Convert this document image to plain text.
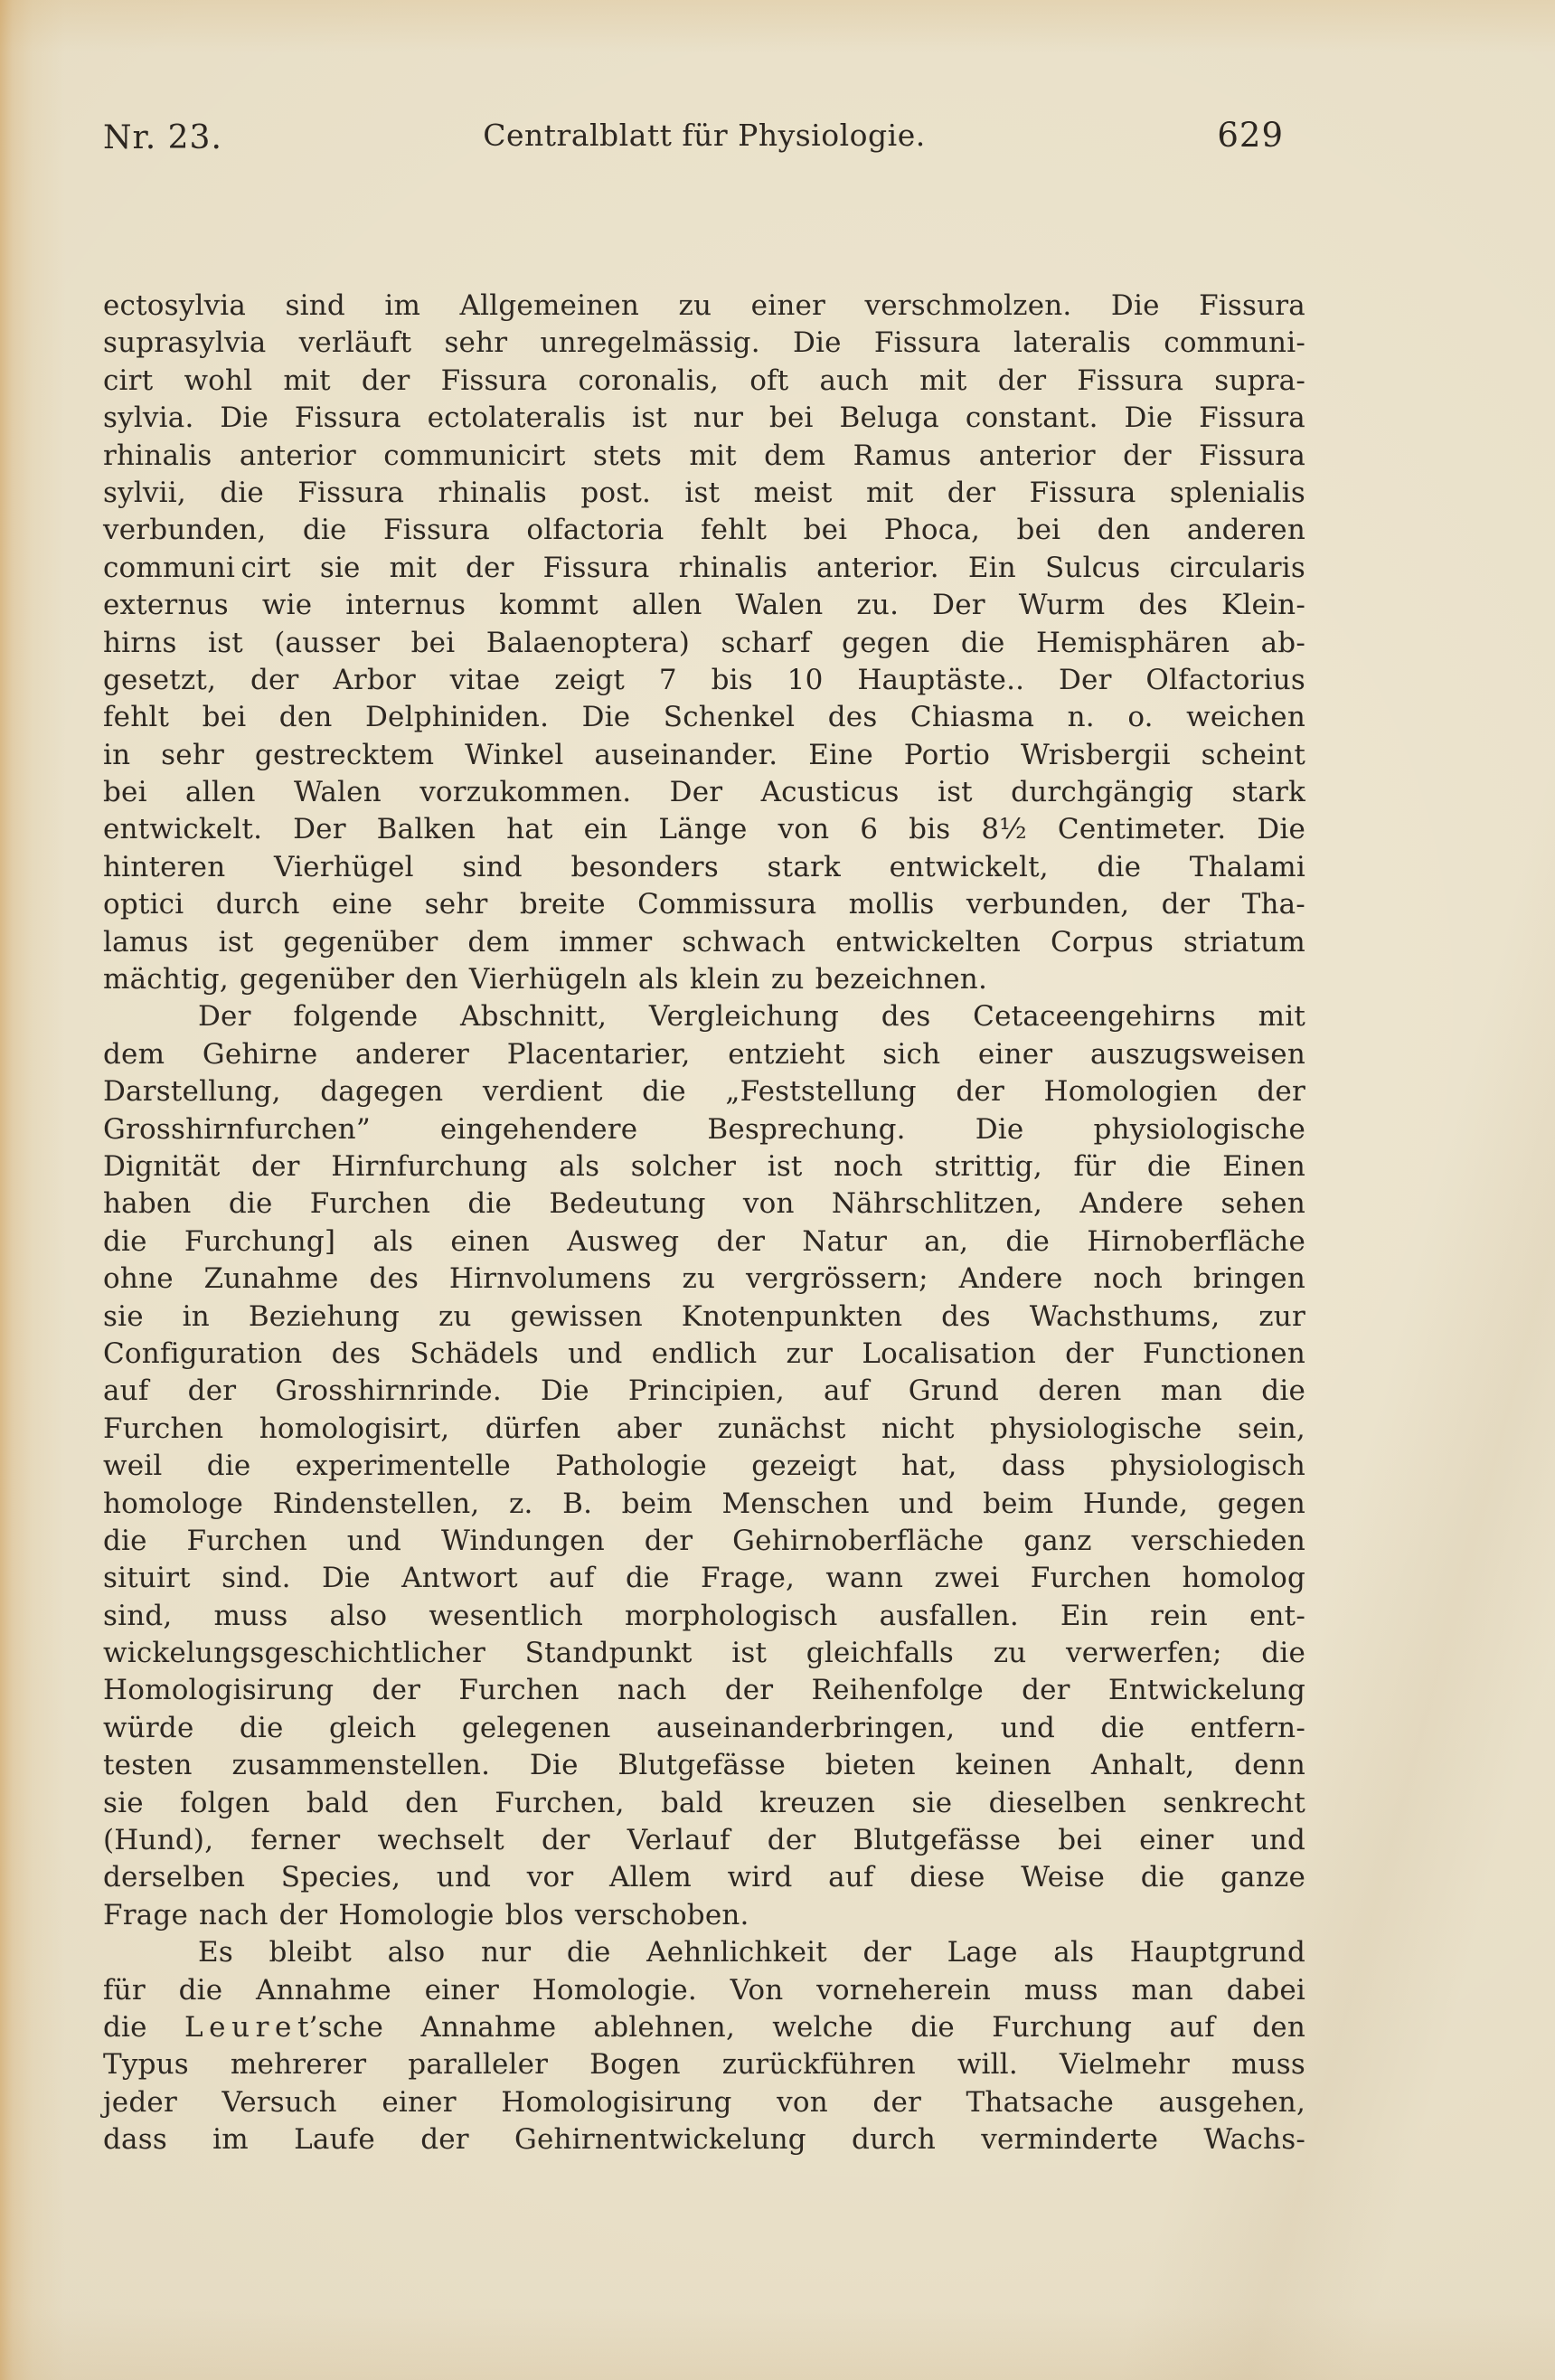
Nr. 23.	Centralblatt für Physiologie.	629
ectosylvia sind im Allgemeinen zu einer verschmolzen. Die Fissura
suprasylvia verläuft sehr unregelmässig. Die Fissura lateralis communi-
cirt wohl mit der Fissura coronalis, oft auch mit der Fissura supra-
sylvia. Die Fissura ectolateralis ist nur bei Beluga constant. Die Fissura
rhinalis anterior communicirt stets mit dem Ramus anterior der Fissura
sylvii, die Fissura rhinalis post. ist meist mit der Fissura splenialis
verbunden, die Fissura olfactoria fehlt bei Phoca, bei den anderen
communi cirt sie mit der Fissura rhinalis anterior. Ein Sulcus circularis
externus wie internus kommt allen Walen zu. Der Wurm des Klein-
hirns ist (ausser bei Balaenoptera) scharf gegen die Hemisphären ab-
gesetzt, der Arbor vitae zeigt 7 bis 10 Hauptäste.. Der Olfactorius
fehlt bei den Delphiniden. Die Schenkel des Chiasma n. o. weichen
in sehr gestrecktem Winkel auseinander. Eine Portio Wrisbergii scheint
bei allen Walen vorzukommen. Der Acusticus ist durchgängig stark
entwickelt. Der Balken hat ein Länge von 6 bis 8¹⁄₂ Centimeter. Die
hinteren Vierhügel sind besonders stark entwickelt, die Thalami
optici durch eine sehr breite Commissura mollis verbunden, der Tha-
lamus ist gegenüber dem immer schwach entwickelten Corpus striatum
mächtig, gegenüber den Vierhügeln als klein zu bezeichnen.
Der folgende Abschnitt, Vergleichung des Cetaceengehirns mit
dem Gehirne anderer Placentarier, entzieht sich einer auszugsweisen
Darstellung, dagegen verdient die „Feststellung der Homologien der
Grosshirnfurchen” eingehendere Besprechung. Die physiologische
Dignität der Hirnfurchung als solcher ist noch strittig, für die Einen
haben die Furchen die Bedeutung von Nährschlitzen, Andere sehen
die Furchung] als einen Ausweg der Natur an, die Hirnoberfläche
ohne Zunahme des Hirnvolumens zu vergrössern; Andere noch bringen
sie in Beziehung zu gewissen Knotenpunkten des Wachsthums, zur
Configuration des Schädels und endlich zur Localisation der Functionen
auf der Grosshirnrinde. Die Principien, auf Grund deren man die
Furchen homologisirt, dürfen aber zunächst nicht physiologische sein,
weil die experimentelle Pathologie gezeigt hat, dass physiologisch
homologe Rindenstellen, z. B. beim Menschen und beim Hunde, gegen
die Furchen und Windungen der Gehirnoberfläche ganz verschieden
situirt sind. Die Antwort auf die Frage, wann zwei Furchen homolog
sind, muss also wesentlich morphologisch ausfallen. Ein rein ent-
wickelungsgeschichtlicher Standpunkt ist gleichfalls zu verwerfen; die
Homologisirung der Furchen nach der Reihenfolge der Entwickelung
würde die gleich gelegenen auseinanderbringen, und die entfern-
testen zusammenstellen. Die Blutgefässe bieten keinen Anhalt, denn
sie folgen bald den Furchen, bald kreuzen sie dieselben senkrecht
(Hund), ferner wechselt der Verlauf der Blutgefässe bei einer und
derselben Species, und vor Allem wird auf diese Weise die ganze
Frage nach der Homologie blos verschoben.
Es bleibt also nur die Aehnlichkeit der Lage als Hauptgrund
für die Annahme einer Homologie. Von vorneherein muss man dabei
die L e u r e t’sche Annahme ablehnen, welche die Furchung auf den
Typus mehrerer paralleler Bogen zurückführen will. Vielmehr muss
jeder Versuch einer Homologisirung von der Thatsache ausgehen,
dass im Laufe der Gehirnentwickelung durch verminderte Wachs-
